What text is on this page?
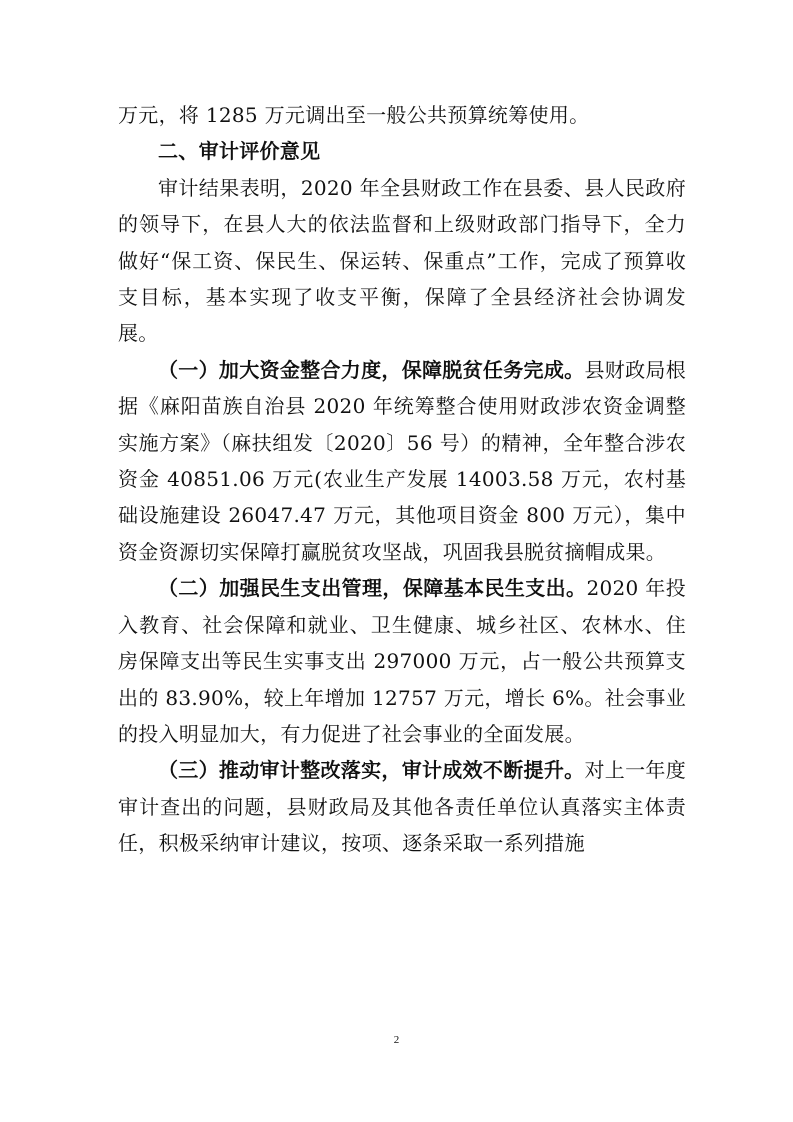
万元，将 1285 万元调出至一般公共预算统筹使用。

二、审计评价意见

审计结果表明，2020 年全县财政工作在县委、县人民政府的领导下，在县人大的依法监督和上级财政部门指导下，全力做好“保工资、保民生、保运转、保重点”工作，完成了预算收支目标，基本实现了收支平衡，保障了全县经济社会协调发展。

（一）加大资金整合力度，保障脱贫任务完成。县财政局根据《麻阳苗族自治县 2020 年统筹整合使用财政涉农资金调整实施方案》（麻扶组发〔2020〕56 号）的精神，全年整合涉农资金 40851.06 万元(农业生产发展 14003.58 万元，农村基础设施建设 26047.47 万元，其他项目资金 800 万元），集中资金资源切实保障打赢脱贫攻坚战，巩固我县脱贫摘帽成果。

（二）加强民生支出管理，保障基本民生支出。2020 年投入教育、社会保障和就业、卫生健康、城乡社区、农林水、住房保障支出等民生实事支出 297000 万元，占一般公共预算支出的 83.90%，较上年增加 12757 万元，增长 6%。社会事业的投入明显加大，有力促进了社会事业的全面发展。

（三）推动审计整改落实，审计成效不断提升。对上一年度审计查出的问题，县财政局及其他各责任单位认真落实主体责任，积极采纳审计建议，按项、逐条采取一系列措施

2
